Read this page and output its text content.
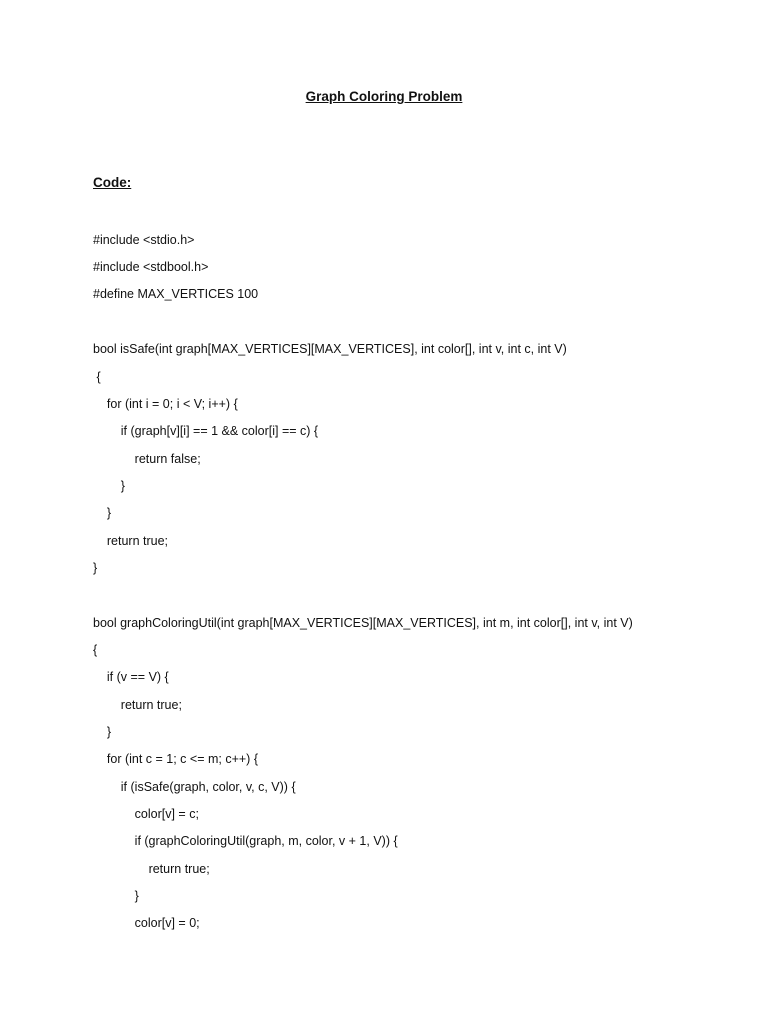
Graph Coloring Problem
Code:
#include <stdio.h>
#include <stdbool.h>
#define MAX_VERTICES 100
bool isSafe(int graph[MAX_VERTICES][MAX_VERTICES], int color[], int v, int c, int V)
{
for (int i = 0; i < V; i++) {
if (graph[v][i] == 1 && color[i] == c) {
return false;
}
}
return true;
}
bool graphColoringUtil(int graph[MAX_VERTICES][MAX_VERTICES], int m, int color[], int v, int V)
{
if (v == V) {
return true;
}
for (int c = 1; c <= m; c++) {
if (isSafe(graph, color, v, c, V)) {
color[v] = c;
if (graphColoringUtil(graph, m, color, v + 1, V)) {
return true;
}
color[v] = 0;
